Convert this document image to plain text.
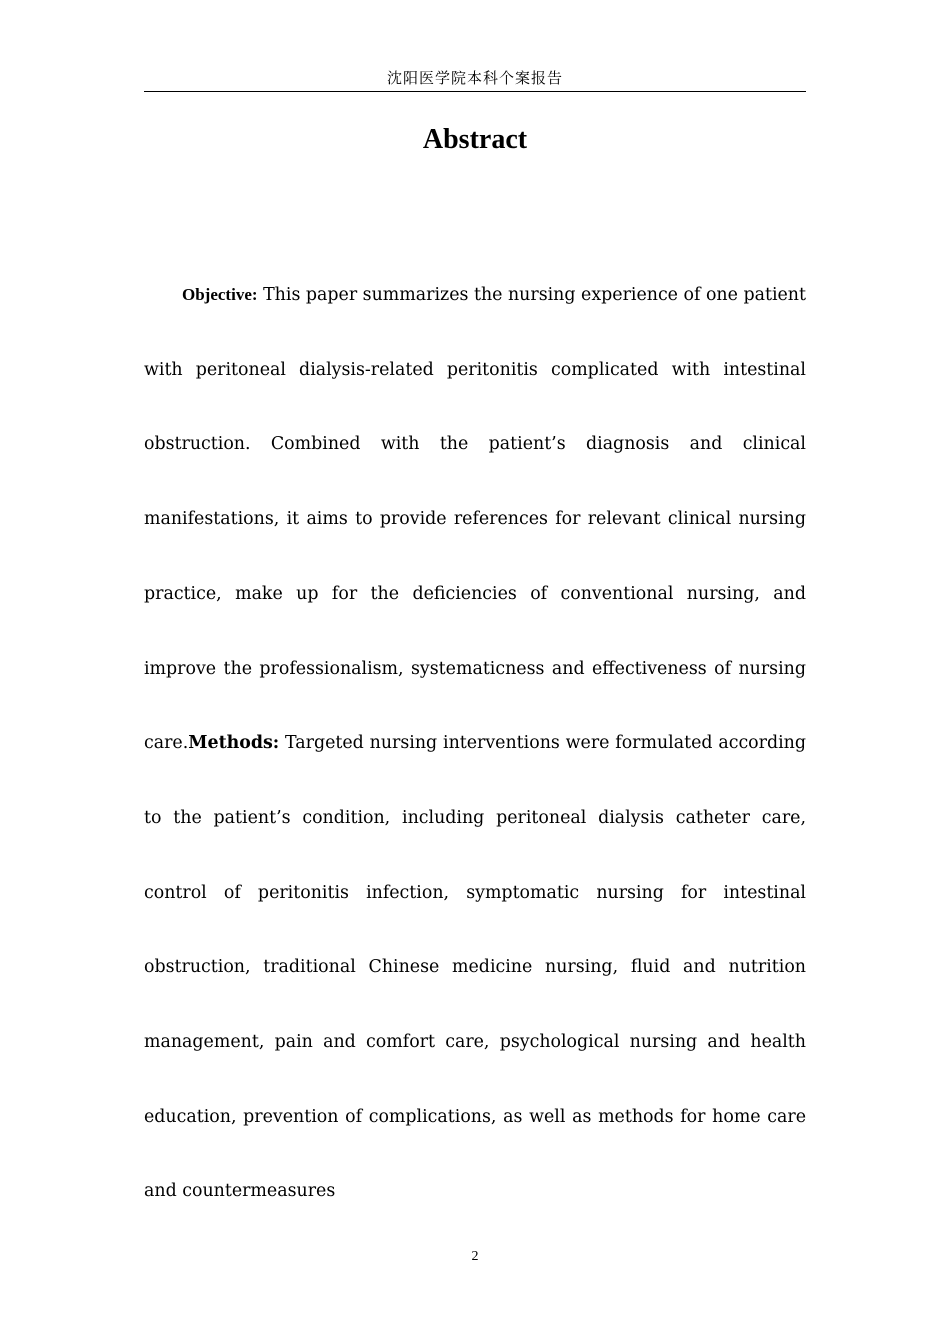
沈阳医学院本科个案报告
Abstract

Objective: This paper summarizes the nursing experience of one patient with peritoneal dialysis-related peritonitis complicated with intestinal obstruction. Combined with the patient’s diagnosis and clinical manifestations, it aims to provide references for relevant clinical nursing practice, make up for the deficiencies of conventional nursing, and improve the professionalism, systematicness and effectiveness of nursing care.Methods: Targeted nursing interventions were formulated according to the patient’s condition, including peritoneal dialysis catheter care, control of peritonitis infection, symptomatic nursing for intestinal obstruction, traditional Chinese medicine nursing, fluid and nutrition management, pain and comfort care, psychological nursing and health education, prevention of complications, as well as methods for home care and countermeasures

2
